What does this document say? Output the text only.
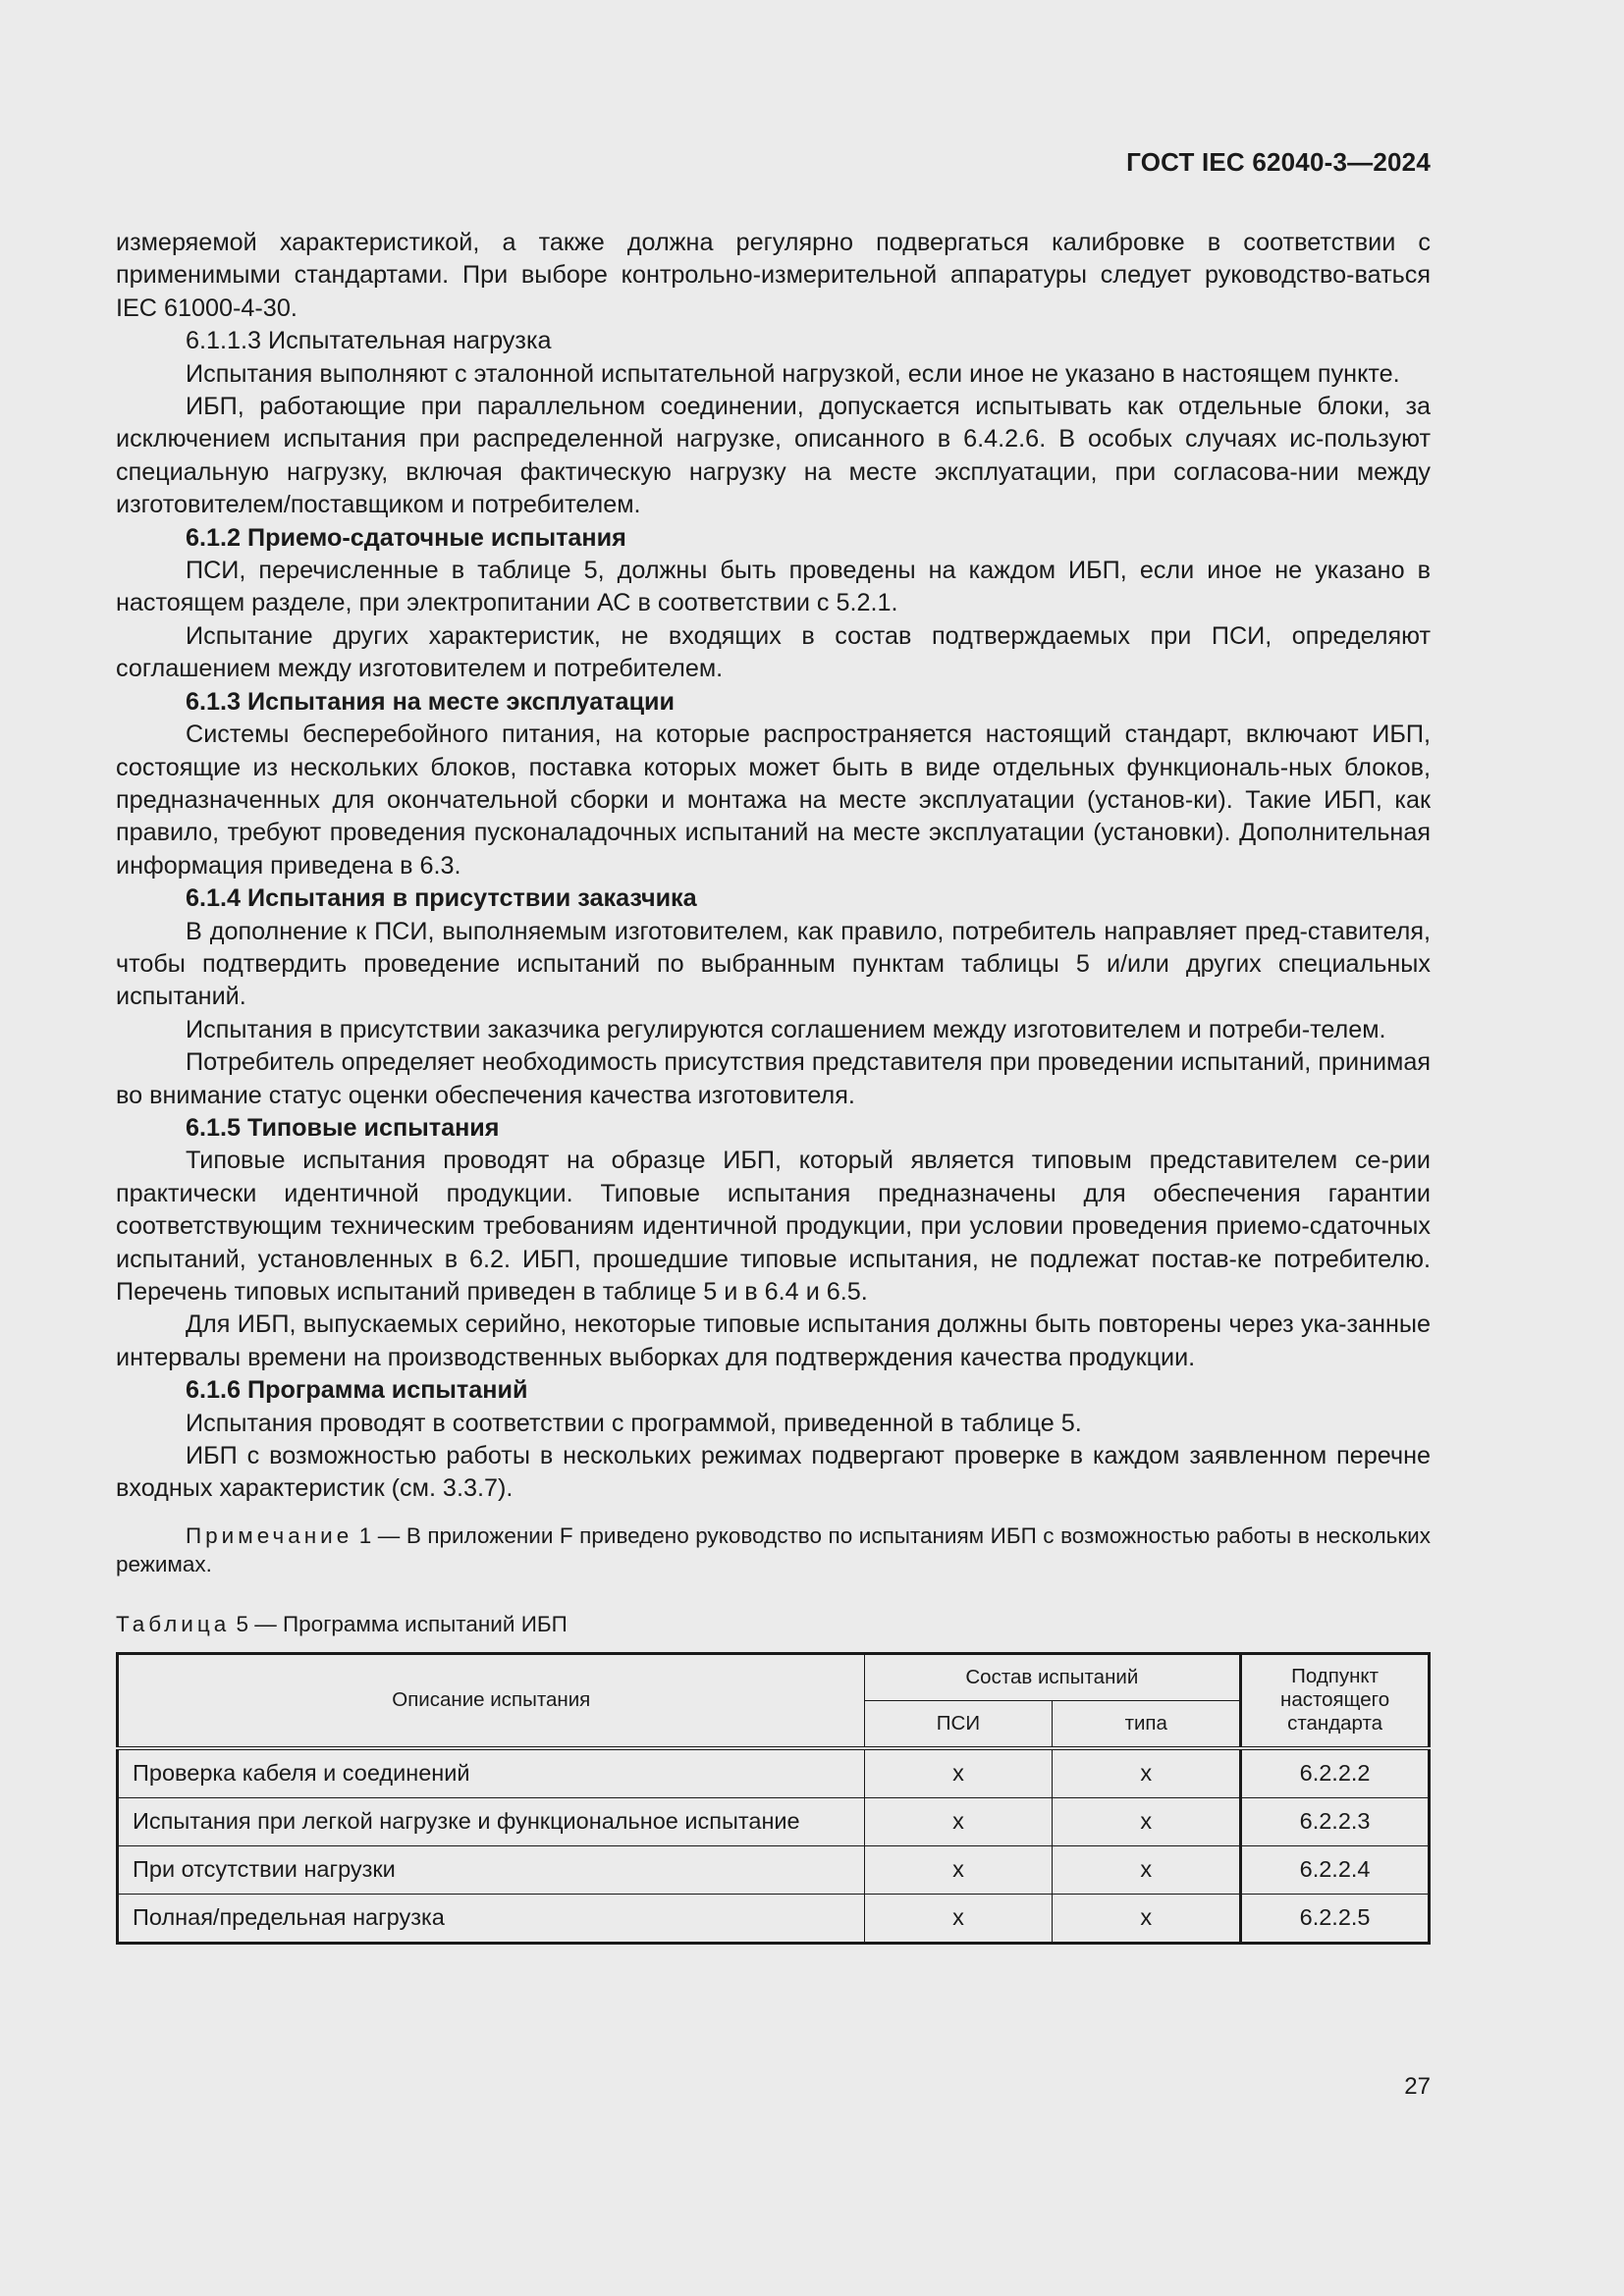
ГОСТ IEC 62040-3—2024

измеряемой характеристикой, а также должна регулярно подвергаться калибровке в соответствии с применимыми стандартами. При выборе контрольно-измерительной аппаратуры следует руководство-ваться IEC 61000-4-30.

6.1.1.3 Испытательная нагрузка

Испытания выполняют с эталонной испытательной нагрузкой, если иное не указано в настоящем пункте.

ИБП, работающие при параллельном соединении, допускается испытывать как отдельные блоки, за исключением испытания при распределенной нагрузке, описанного в 6.4.2.6. В особых случаях ис-пользуют специальную нагрузку, включая фактическую нагрузку на месте эксплуатации, при согласова-нии между изготовителем/поставщиком и потребителем.

6.1.2 Приемо-сдаточные испытания

ПСИ, перечисленные в таблице 5, должны быть проведены на каждом ИБП, если иное не указано в настоящем разделе, при электропитании АС в соответствии с 5.2.1.

Испытание других характеристик, не входящих в состав подтверждаемых при ПСИ, определяют соглашением между изготовителем и потребителем.

6.1.3 Испытания на месте эксплуатации

Системы бесперебойного питания, на которые распространяется настоящий стандарт, включают ИБП, состоящие из нескольких блоков, поставка которых может быть в виде отдельных функциональ-ных блоков, предназначенных для окончательной сборки и монтажа на месте эксплуатации (установ-ки). Такие ИБП, как правило, требуют проведения пусконаладочных испытаний на месте эксплуатации (установки). Дополнительная информация приведена в 6.3.

6.1.4 Испытания в присутствии заказчика

В дополнение к ПСИ, выполняемым изготовителем, как правило, потребитель направляет пред-ставителя, чтобы подтвердить проведение испытаний по выбранным пунктам таблицы 5 и/или других специальных испытаний.

Испытания в присутствии заказчика регулируются соглашением между изготовителем и потреби-телем.

Потребитель определяет необходимость присутствия представителя при проведении испытаний, принимая во внимание статус оценки обеспечения качества изготовителя.

6.1.5 Типовые испытания

Типовые испытания проводят на образце ИБП, который является типовым представителем се-рии практически идентичной продукции. Типовые испытания предназначены для обеспечения гарантии соответствующим техническим требованиям идентичной продукции, при условии проведения приемо-сдаточных испытаний, установленных в 6.2. ИБП, прошедшие типовые испытания, не подлежат постав-ке потребителю. Перечень типовых испытаний приведен в таблице 5 и в 6.4 и 6.5.

Для ИБП, выпускаемых серийно, некоторые типовые испытания должны быть повторены через ука-занные интервалы времени на производственных выборках для подтверждения качества продукции.

6.1.6 Программа испытаний

Испытания проводят в соответствии с программой, приведенной в таблице 5.

ИБП с возможностью работы в нескольких режимах подвергают проверке в каждом заявленном перечне входных характеристик (см. 3.3.7).

Примечание 1 — В приложении F приведено руководство по испытаниям ИБП с возможностью работы в нескольких режимах.

Таблица 5 — Программа испытаний ИБП

Описание испытания	Состав испытаний		Подпункт настоящего стандарта
	ПСИ	типа	
Проверка кабеля и соединений	x	x	6.2.2.2
Испытания при легкой нагрузке и функциональное испытание	x	x	6.2.2.3
При отсутствии нагрузки	x	x	6.2.2.4
Полная/предельная нагрузка	x	x	6.2.2.5
27
